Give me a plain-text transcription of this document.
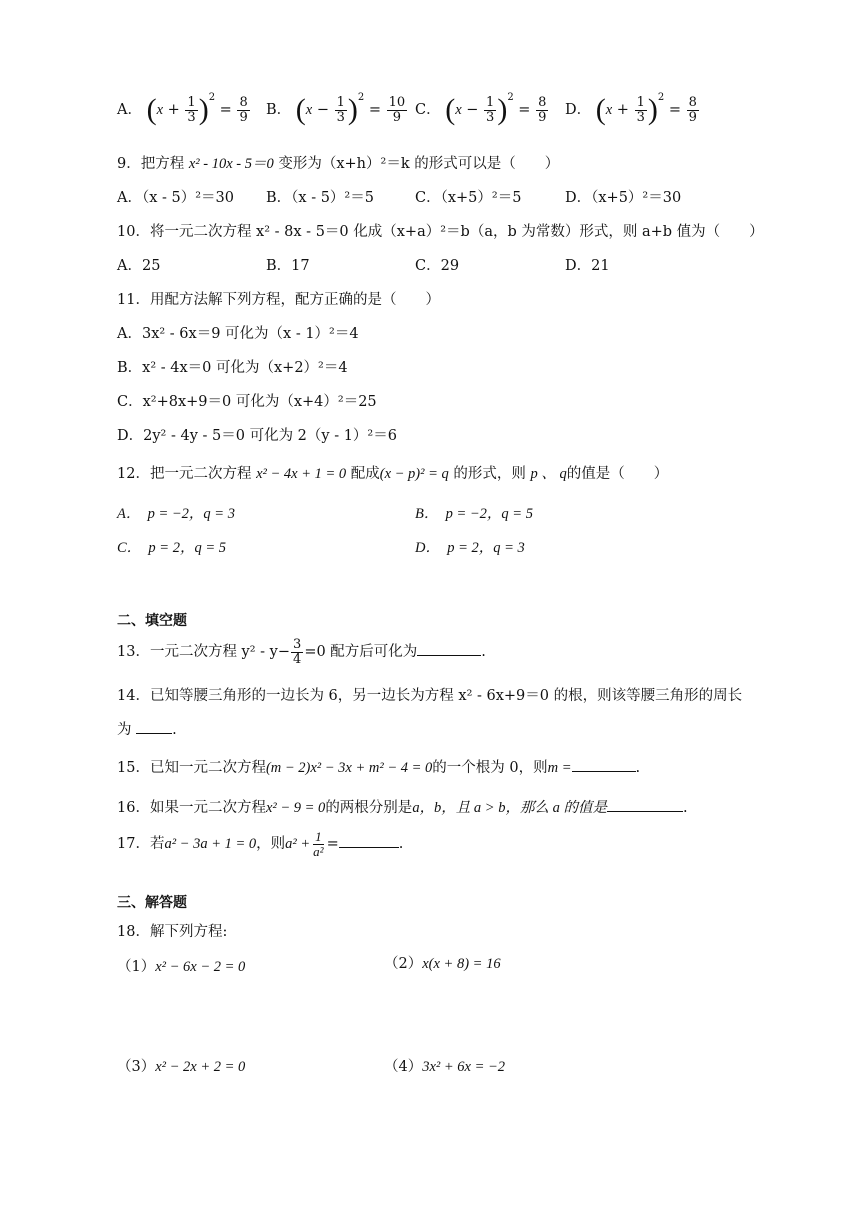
A． $(x + \frac{1}{3} )^2 = \frac{8}{9}$ B． $(x - \frac{1}{3} )^2 = \frac{10}{9}$ C． $(x - \frac{1}{3} )^2 = \frac{8}{9}$ D． $(x + \frac{1}{3} )^2 = \frac{8}{9}$
9．把方程 x² - 10x - 5＝0 变形为（x+h）²＝k 的形式可以是（　　）
A．（x - 5）²＝30 B．（x - 5）²＝5	C．（x+5）²＝5	D．（x+5）²＝30
10．将一元二次方程 x² - 8x - 5＝0 化成（x+a）²＝b（a，b 为常数）形式，则 a+b 值为（　　）
A．25	B．17	C．29	D．21
11．用配方法解下列方程，配方正确的是（　　）
A．3x² - 6x＝9 可化为（x - 1）²＝4
B．x² - 4x＝0 可化为（x+2）²＝4
C．x²+8x+9＝0 可化为（x+4）²＝25
D．2y² - 4y - 5＝0 可化为 2（y - 1）²＝6
12．把一元二次方程 x² − 4x + 1 = 0 配成(x − p)² = q 的形式，则 p 、 q的值是（　　）
A．　p = −2，q = 3	B．　p = −2，q = 5
C．　p = 2，q = 5	D．　p = 2，q = 3
二、填空题
13．一元二次方程 $y^2 - y- \frac{3}{4} =0$ 配方后可化为	.
14．已知等腰三角形的一边长为 6，另一边长为方程 x² - 6x+9＝0 的根，则该等腰三角形的周长
为	.
15．已知一元二次方程(m − 2)x² − 3x + m² − 4 = 0的一个根为 0，则m =	.
16．如果一元二次方程x² − 9 = 0的两根分别是a，b，且 a > b，那么 a 的值是	.
17．若a² − 3a + 1 = 0，则$a^2 + \frac{1}{\text{a²}}$ =	.
三、解答题
18．解下列方程:
（1）x² − 6x − 2 = 0	（2）x(x + 8) = 16
（3）x² − 2x + 2 = 0	（4）3x² + 6x = −2
